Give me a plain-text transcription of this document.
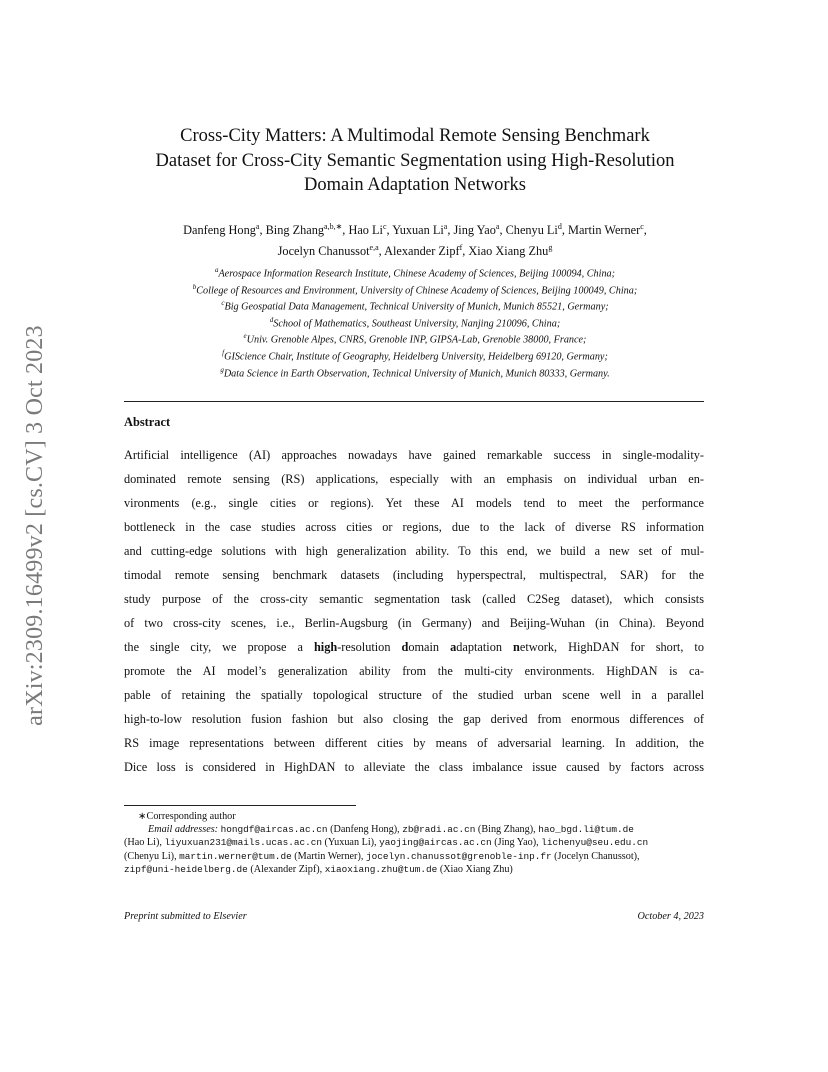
arXiv:2309.16499v2 [cs.CV] 3 Oct 2023
Cross-City Matters: A Multimodal Remote Sensing Benchmark
Dataset for Cross-City Semantic Segmentation using High-Resolution
Domain Adaptation Networks
Danfeng Hong$^a$, Bing Zhang$^{a,b,∗}$, Hao Li$^c$, Yuxuan Li$^a$, Jing Yao$^a$, Chenyu Li$^d$, Martin Werner$^c$,
Jocelyn Chanussot$^{e,a}$, Alexander Zipf$^f$, Xiao Xiang Zhu$^g$
$^a$Aerospace Information Research Institute, Chinese Academy of Sciences, Beijing 100094, China;
$^b$College of Resources and Environment, University of Chinese Academy of Sciences, Beijing 100049, China;
$^c$Big Geospatial Data Management, Technical University of Munich, Munich 85521, Germany;
$^d$School of Mathematics, Southeast University, Nanjing 210096, China;
$^e$Univ. Grenoble Alpes, CNRS, Grenoble INP, GIPSA-Lab, Grenoble 38000, France;
$^f$GIScience Chair, Institute of Geography, Heidelberg University, Heidelberg 69120, Germany;
$^g$Data Science in Earth Observation, Technical University of Munich, Munich 80333, Germany.
Abstract
Artificial intelligence (AI) approaches nowadays have gained remarkable success in single-modality-
dominated remote sensing (RS) applications, especially with an emphasis on individual urban en-
vironments (e.g., single cities or regions). Yet these AI models tend to meet the performance
bottleneck in the case studies across cities or regions, due to the lack of diverse RS information
and cutting-edge solutions with high generalization ability. To this end, we build a new set of mul-
timodal remote sensing benchmark datasets (including hyperspectral, multispectral, SAR) for the
study purpose of the cross-city semantic segmentation task (called C2Seg dataset), which consists
of two cross-city scenes, i.e., Berlin-Augsburg (in Germany) and Beijing-Wuhan (in China). Beyond
the single city, we propose a high-resolution domain adaptation network, HighDAN for short, to
promote the AI model’s generalization ability from the multi-city environments. HighDAN is ca-
pable of retaining the spatially topological structure of the studied urban scene well in a parallel
high-to-low resolution fusion fashion but also closing the gap derived from enormous differences of
RS image representations between different cities by means of adversarial learning. In addition, the
Dice loss is considered in HighDAN to alleviate the class imbalance issue caused by factors across
∗Corresponding author
Email addresses: hongdf@aircas.ac.cn (Danfeng Hong), zb@radi.ac.cn (Bing Zhang), hao_bgd.li@tum.de
(Hao Li), liyuxuan231@mails.ucas.ac.cn (Yuxuan Li), yaojing@aircas.ac.cn (Jing Yao), lichenyu@seu.edu.cn
(Chenyu Li), martin.werner@tum.de (Martin Werner), jocelyn.chanussot@grenoble-inp.fr (Jocelyn Chanussot),
zipf@uni-heidelberg.de (Alexander Zipf), xiaoxiang.zhu@tum.de (Xiao Xiang Zhu)
Preprint submitted to Elsevier	October 4, 2023
